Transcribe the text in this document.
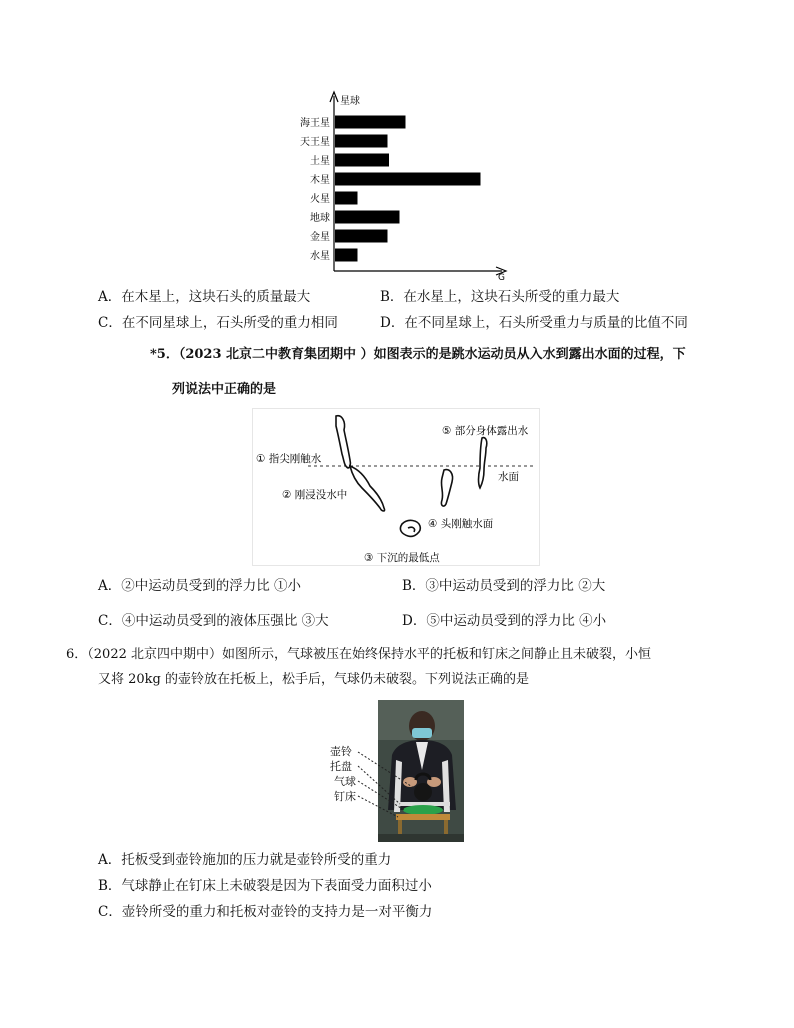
星球
G
海王星
天王星
土星
木星
火星
地球
金星
水星
A．在木星上，这块石头的质量最大	B．在水星上，这块石头所受的重力最大
C．在不同星球上，石头所受的重力相同	D．在不同星球上，石头所受重力与质量的比值不同
*5．（2023 北京二中教育集团期中 ）如图表示的是跳水运动员从入水到露出水面的过程，下
列说法中正确的是
① 指尖刚触水
② 刚浸没水中
③ 下沉的最低点
④ 头刚触水面
⑤ 部分身体露出水
水面
A．②中运动员受到的浮力比 ①小	B．③中运动员受到的浮力比 ②大
C．④中运动员受到的液体压强比 ③大	D．⑤中运动员受到的浮力比 ④小
6．（2022 北京四中期中）如图所示，气球被压在始终保持水平的托板和钉床之间静止且未破裂，小恒
又将 20kg 的壶铃放在托板上，松手后，气球仍未破裂。下列说法正确的是
壶铃
托盘
气球
钉床
A．托板受到壶铃施加的压力就是壶铃所受的重力
B．气球静止在钉床上未破裂是因为下表面受力面积过小
C．壶铃所受的重力和托板对壶铃的支持力是一对平衡力
